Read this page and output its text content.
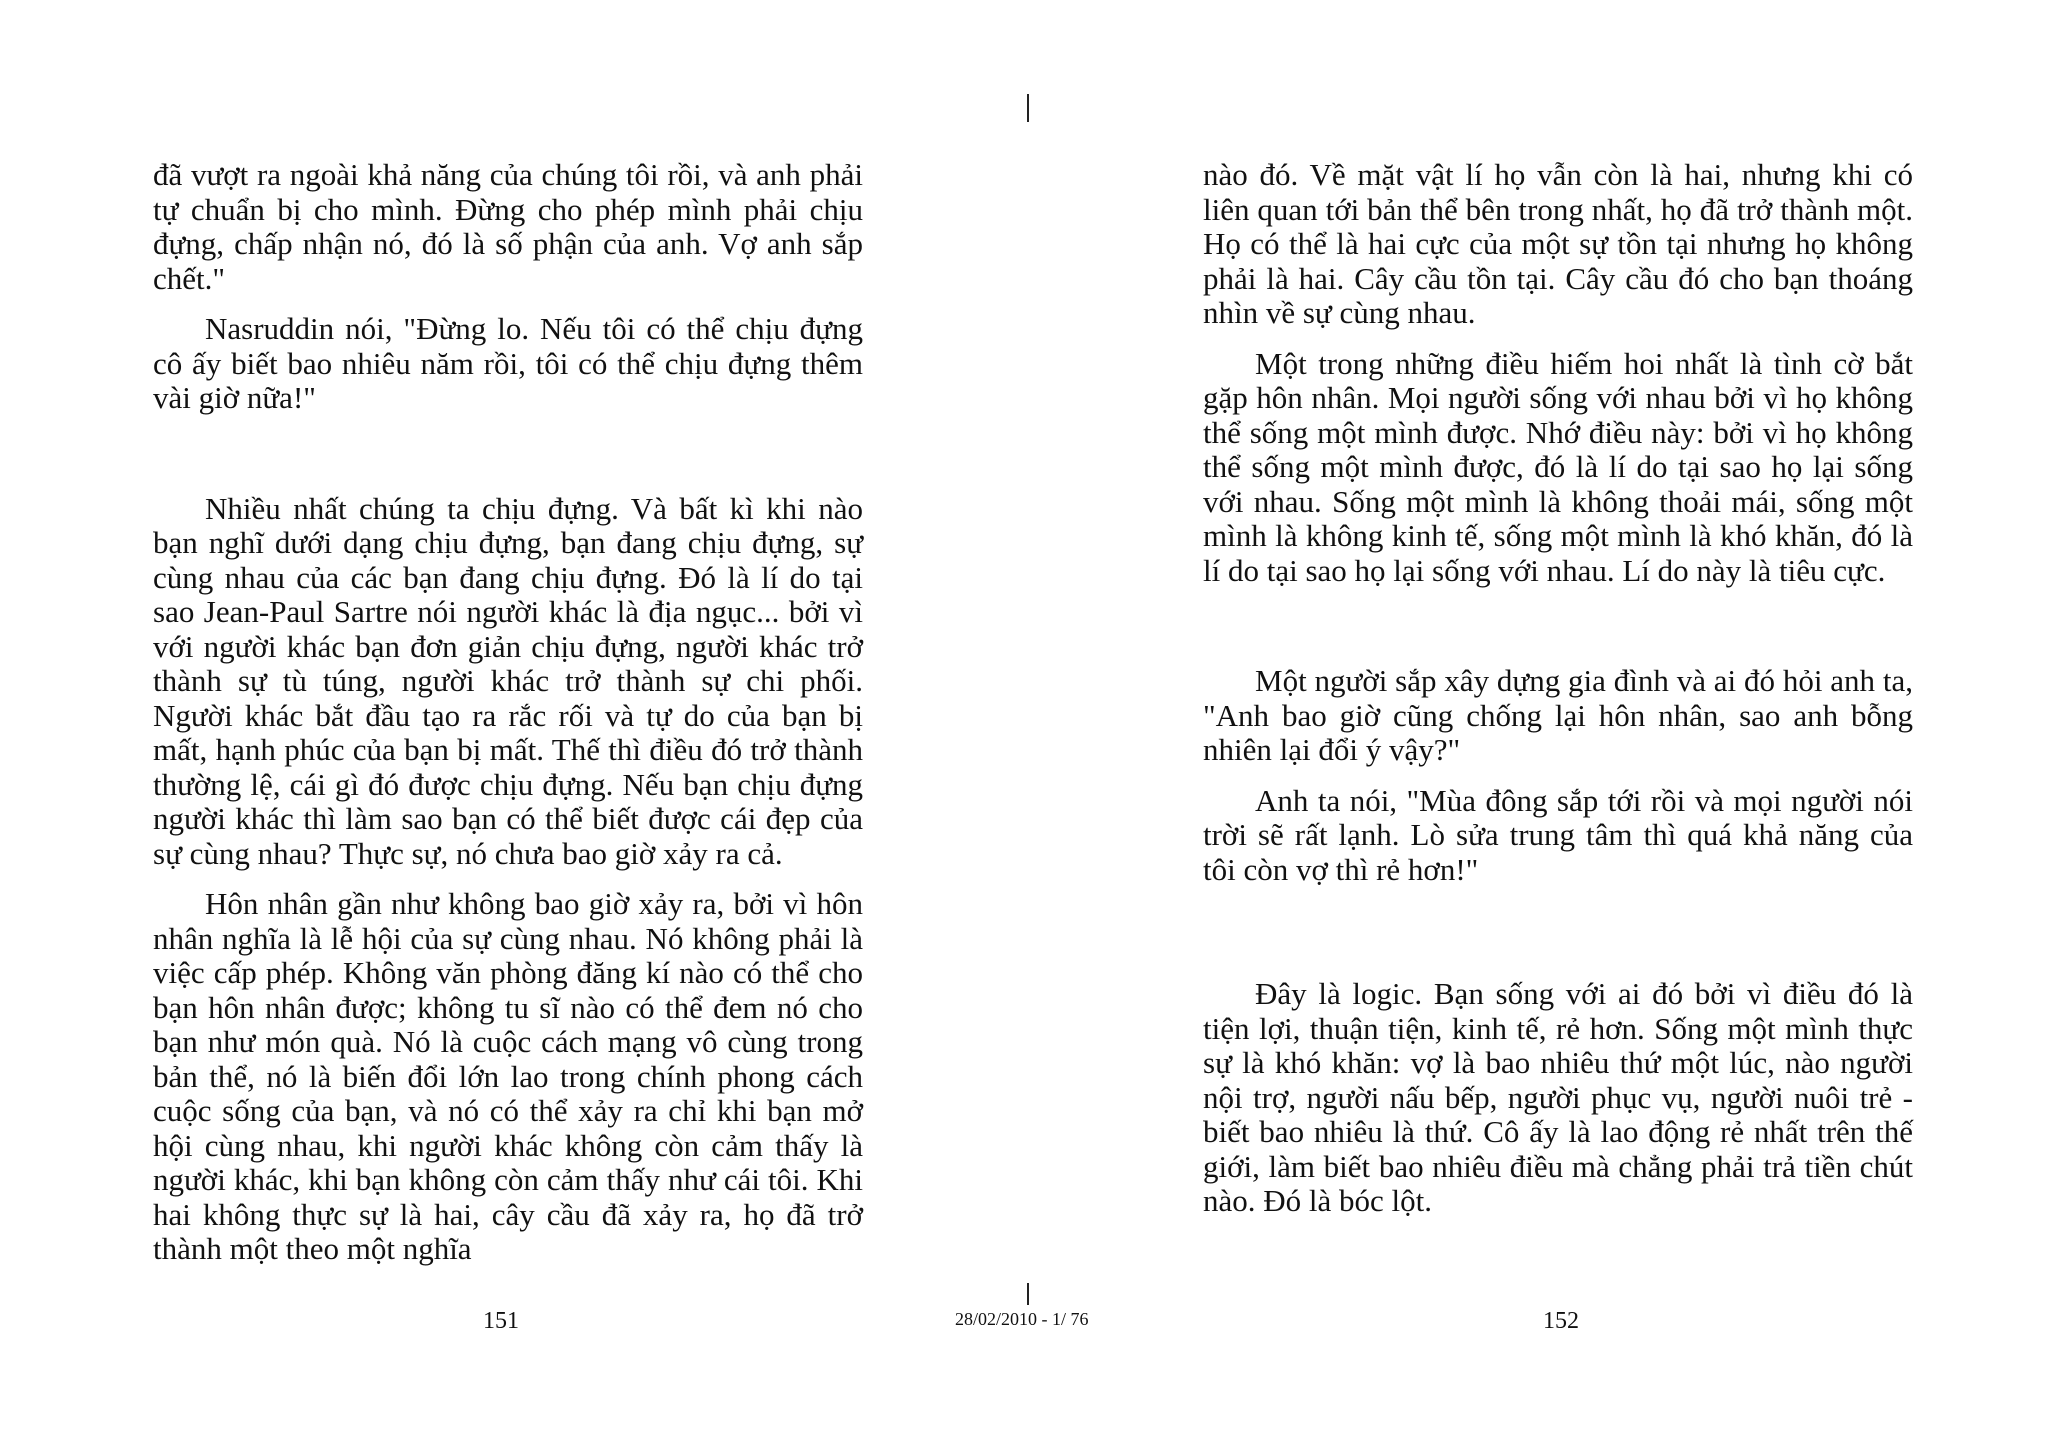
đã vượt ra ngoài khả năng của chúng tôi rồi, và anh phải tự chuẩn bị cho mình. Đừng cho phép mình phải chịu đựng, chấp nhận nó, đó là số phận của anh. Vợ anh sắp chết."

Nasruddin nói, "Đừng lo. Nếu tôi có thể chịu đựng cô ấy biết bao nhiêu năm rồi, tôi có thể chịu đựng thêm vài giờ nữa!"

Nhiều nhất chúng ta chịu đựng. Và bất kì khi nào bạn nghĩ dưới dạng chịu đựng, bạn đang chịu đựng, sự cùng nhau của các bạn đang chịu đựng. Đó là lí do tại sao Jean-Paul Sartre nói người khác là địa ngục... bởi vì với người khác bạn đơn giản chịu đựng, người khác trở thành sự tù túng, người khác trở thành sự chi phối. Người khác bắt đầu tạo ra rắc rối và tự do của bạn bị mất, hạnh phúc của bạn bị mất. Thế thì điều đó trở thành thường lệ, cái gì đó được chịu đựng. Nếu bạn chịu đựng người khác thì làm sao bạn có thể biết được cái đẹp của sự cùng nhau? Thực sự, nó chưa bao giờ xảy ra cả.

Hôn nhân gần như không bao giờ xảy ra, bởi vì hôn nhân nghĩa là lễ hội của sự cùng nhau. Nó không phải là việc cấp phép. Không văn phòng đăng kí nào có thể cho bạn hôn nhân được; không tu sĩ nào có thể đem nó cho bạn như món quà. Nó là cuộc cách mạng vô cùng trong bản thể, nó là biến đổi lớn lao trong chính phong cách cuộc sống của bạn, và nó có thể xảy ra chỉ khi bạn mở hội cùng nhau, khi người khác không còn cảm thấy là người khác, khi bạn không còn cảm thấy như cái tôi. Khi hai không thực sự là hai, cây cầu đã xảy ra, họ đã trở thành một theo một nghĩa

nào đó. Về mặt vật lí họ vẫn còn là hai, nhưng khi có liên quan tới bản thể bên trong nhất, họ đã trở thành một. Họ có thể là hai cực của một sự tồn tại nhưng họ không phải là hai. Cây cầu tồn tại. Cây cầu đó cho bạn thoáng nhìn về sự cùng nhau.

Một trong những điều hiếm hoi nhất là tình cờ bắt gặp hôn nhân. Mọi người sống với nhau bởi vì họ không thể sống một mình được. Nhớ điều này: bởi vì họ không thể sống một mình được, đó là lí do tại sao họ lại sống với nhau. Sống một mình là không thoải mái, sống một mình là không kinh tế, sống một mình là khó khăn, đó là lí do tại sao họ lại sống với nhau. Lí do này là tiêu cực.

Một người sắp xây dựng gia đình và ai đó hỏi anh ta, "Anh bao giờ cũng chống lại hôn nhân, sao anh bỗng nhiên lại đổi ý vậy?"

Anh ta nói, "Mùa đông sắp tới rồi và mọi người nói trời sẽ rất lạnh. Lò sửa trung tâm thì quá khả năng của tôi còn vợ thì rẻ hơn!"

Đây là logic. Bạn sống với ai đó bởi vì điều đó là tiện lợi, thuận tiện, kinh tế, rẻ hơn. Sống một mình thực sự là khó khăn: vợ là bao nhiêu thứ một lúc, nào người nội trợ, người nấu bếp, người phục vụ, người nuôi trẻ - biết bao nhiêu là thứ. Cô ấy là lao động rẻ nhất trên thế giới, làm biết bao nhiêu điều mà chẳng phải trả tiền chút nào. Đó là bóc lột.

151	28/02/2010 - 1/ 76	152
